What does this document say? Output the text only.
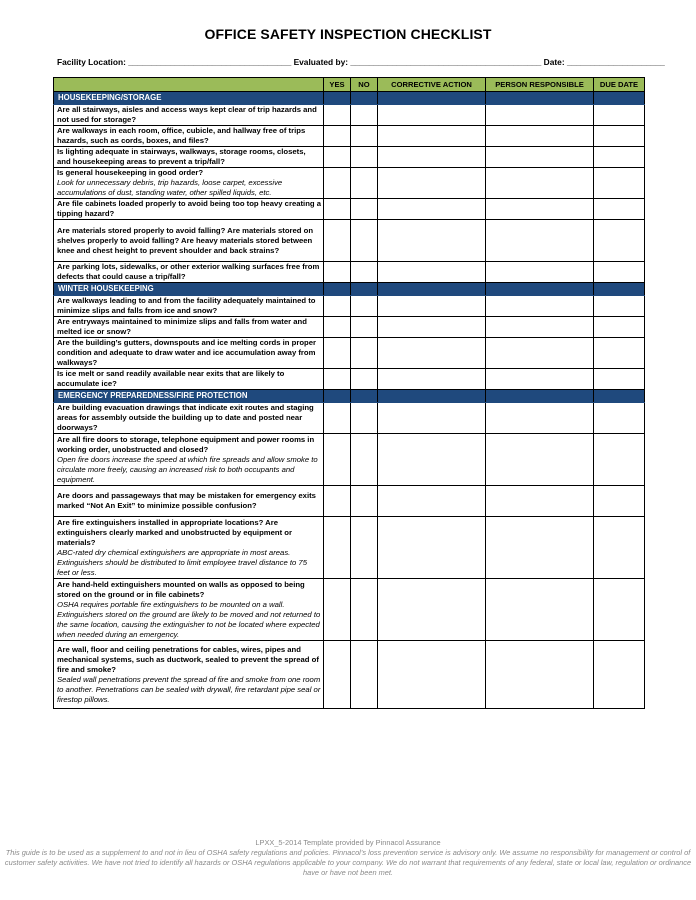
OFFICE SAFETY INSPECTION CHECKLIST
Facility Location: ___________________________________ Evaluated by: _________________________________________ Date: _____________________
	YES	NO	CORRECTIVE ACTION	PERSON RESPONSIBLE	DUE DATE
HOUSEKEEPING/STORAGE					

Are all stairways, aisles and access ways kept clear of trip hazards and not used for storage?					

Are walkways in each room, office, cubicle, and hallway free of trips hazards, such as cords, boxes, and files?					

Is lighting adequate in stairways, walkways, storage rooms, closets, and housekeeping areas to prevent a trip/fall?					

Is general housekeeping in good order?
Look for unnecessary debris, trip hazards, loose carpet, excessive accumulations of dust, standing water, other spilled liquids, etc.					

Are file cabinets loaded properly to avoid being too top heavy creating a tipping hazard?					

Are materials stored properly to avoid falling? Are materials stored on shelves properly to avoid falling? Are heavy materials stored between knee and chest height to prevent shoulder and back strains?					

Are parking lots, sidewalks, or other exterior walking surfaces free from defects that could cause a trip/fall?					

WINTER HOUSEKEEPING					

Are walkways leading to and from the facility adequately maintained to minimize slips and falls from ice and snow?					

Are entryways maintained to minimize slips and falls from water and melted ice or snow?					

Are the building’s gutters, downspouts and ice melting cords in proper condition and adequate to draw water and ice accumulation away from walkways?					

Is ice melt or sand readily available near exits that are likely to accumulate ice?					

EMERGENCY PREPAREDNESS/FIRE PROTECTION					

Are building evacuation drawings that indicate exit routes and staging areas for assembly outside the building up to date and posted near doorways?					

Are all fire doors to storage, telephone equipment and power rooms in working order, unobstructed and closed?
Open fire doors increase the speed at which fire spreads and allow smoke to circulate more freely, causing an increased risk to both occupants and equipment.					

Are doors and passageways that may be mistaken for emergency exits marked “Not An Exit” to minimize possible confusion?					

Are fire extinguishers installed in appropriate locations? Are extinguishers clearly marked and unobstructed by equipment or materials?
ABC-rated dry chemical extinguishers are appropriate in most areas. Extinguishers should be distributed to limit employee travel distance to 75 feet or less.					

Are hand-held extinguishers mounted on walls as opposed to being stored on the ground or in file cabinets?
OSHA requires portable fire extinguishers to be mounted on a wall. Extinguishers stored on the ground are likely to be moved and not returned to the same location, causing the extinguisher to not be located where expected when needed during an emergency.					

Are wall, floor and ceiling penetrations for cables, wires, pipes and mechanical systems, such as ductwork, sealed to prevent the spread of fire and smoke?
Sealed wall penetrations prevent the spread of fire and smoke from one room to another. Penetrations can be sealed with drywall, fire retardant pipe seal or firestop pillows.					

LPXX_5-2014 Template provided by Pinnacol Assurance
This guide is to be used as a supplement to and not in lieu of OSHA safety regulations and policies. Pinnacol’s loss prevention service is advisory only. We assume no responsibility for management or control of customer safety activities. We have not tried to identify all hazards or OSHA regulations applicable to your company. We do not warrant that requirements of any federal, state or local law, regulation or ordinance have or have not been met.
